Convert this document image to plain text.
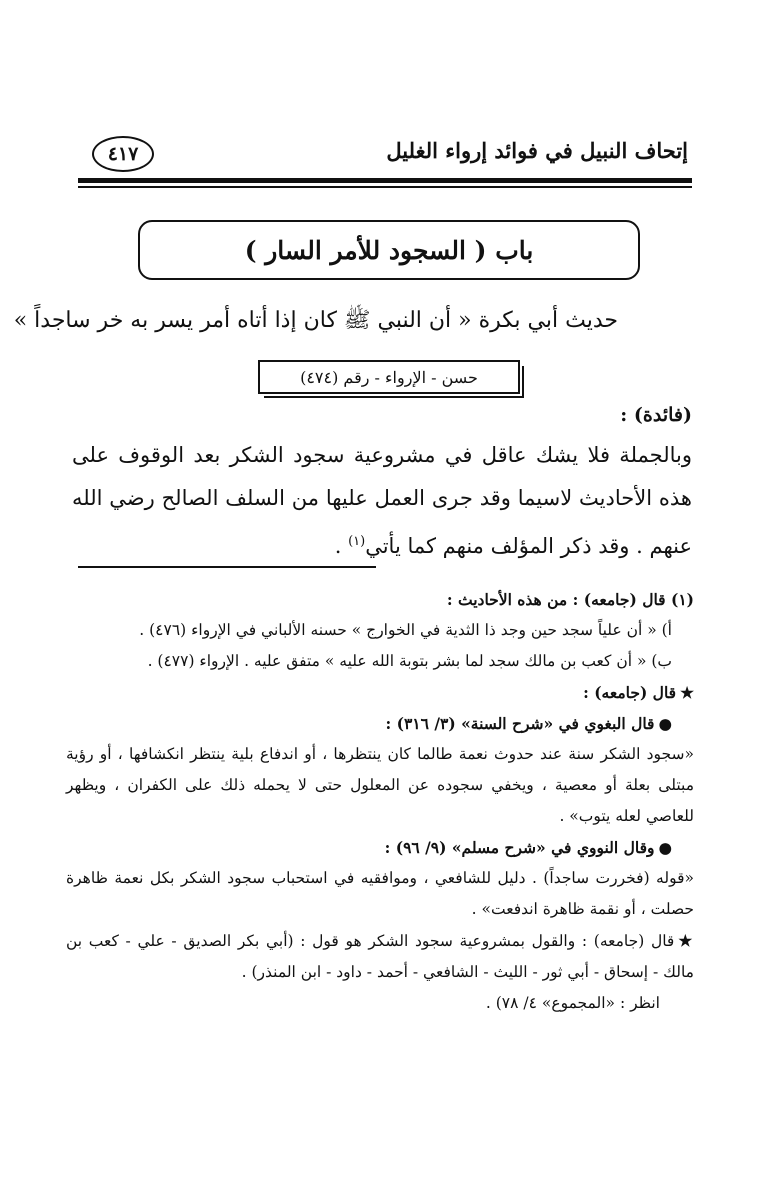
إتحاف النبيل في فوائد إرواء الغليل
٤١٧
باب ( السجود للأمر السار )
حديث أبي بكرة « أن النبي ﷺ كان إذا أتاه أمر يسر به خر ساجداً »
حسن - الإرواء - رقم (٤٧٤)
(فائدة) :
وبالجملة فلا يشك عاقل في مشروعية سجود الشكر بعد الوقوف على هذه الأحاديث لاسيما وقد جرى العمل عليها من السلف الصالح رضي الله عنهم . وقد ذكر المؤلف منهم كما يأتي$^{(١)}$ .
(١) قال (جامعه) : من هذه الأحاديث :
أ) « أن علياً سجد حين وجد ذا الثدية في الخوارج » حسنه الألباني في الإرواء (٤٧٦) .
ب) « أن كعب بن مالك سجد لما بشر بتوبة الله عليه » متفق عليه . الإرواء (٤٧٧) .
★قال (جامعه) :
●قال البغوي في «شرح السنة» (٣/ ٣١٦) :
«سجود الشكر سنة عند حدوث نعمة طالما كان ينتظرها ، أو اندفاع بلية ينتظر انكشافها ، أو رؤية مبتلى بعلة أو معصية ، ويخفي سجوده عن المعلول حتى لا يحمله ذلك على الكفران ، ويظهر للعاصي لعله يتوب» .
●وقال النووي في «شرح مسلم» (٩/ ٩٦) :
«قوله (فخررت ساجداً) . دليل للشافعي ، وموافقيه في استحباب سجود الشكر بكل نعمة ظاهرة حصلت ، أو نقمة ظاهرة اندفعت» .
★قال (جامعه) : والقول بمشروعية سجود الشكر هو قول : (أبي بكر الصديق - علي - كعب بن مالك - إسحاق - أبي ثور - الليث - الشافعي - أحمد - داود - ابن المنذر) .
انظر : «المجموع» ٤/ ٧٨) .
